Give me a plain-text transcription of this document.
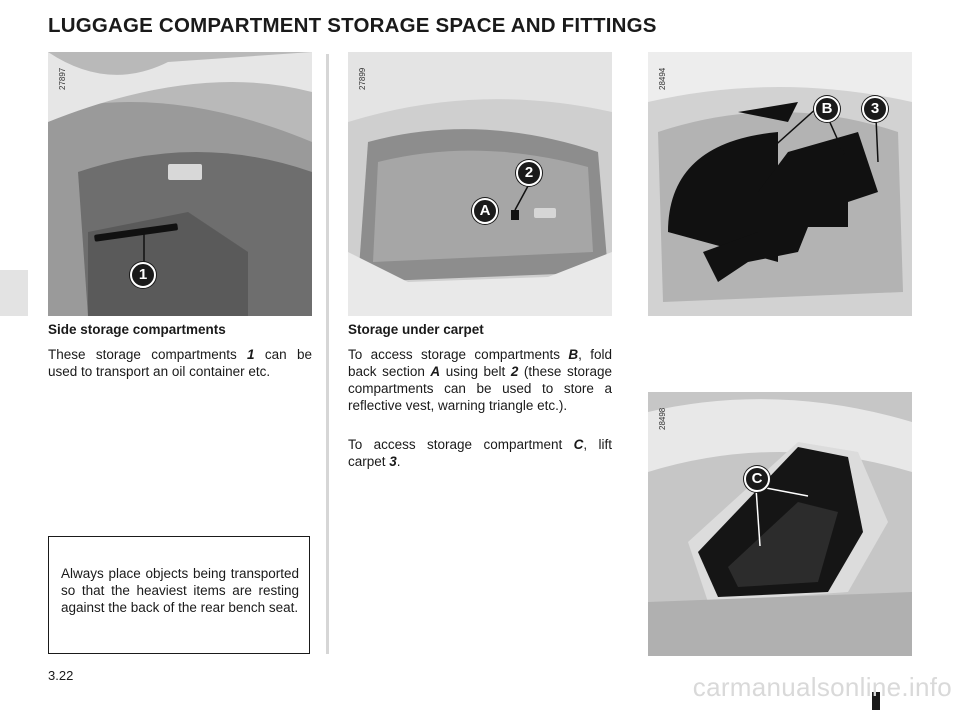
LUGGAGE COMPARTMENT STORAGE SPACE AND FITTINGS
27897
1
27899
2
A
28494
B	3
28498
C
Side storage compartments

These storage compartments 1 can be used to transport an oil container etc.

Always place objects being transported so that the heaviest items are resting against the back of the rear bench seat.

Storage under carpet

To access storage compartments B, fold back section A using belt 2 (these storage compartments can be used to store a reflective vest, warning triangle etc.).

To access storage compartment C, lift carpet 3.

3.22	carmanualsonline.info
